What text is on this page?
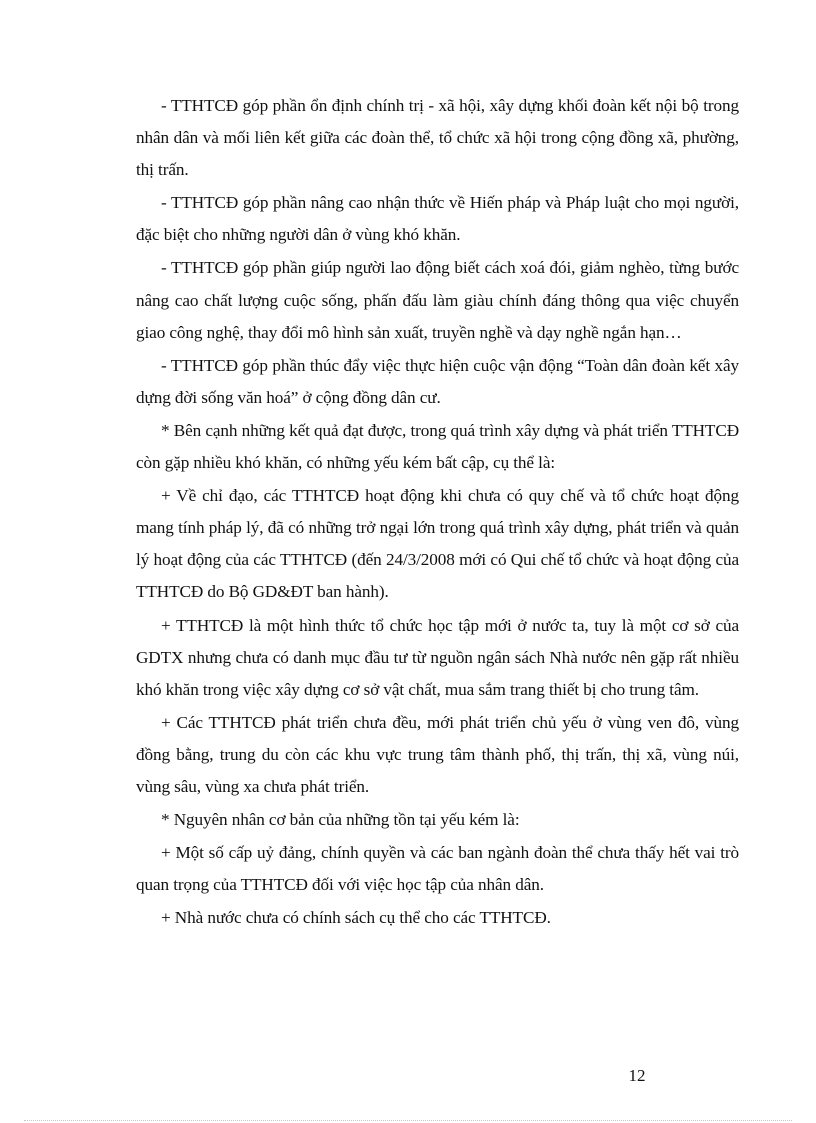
- TTHTCĐ góp phần ổn định chính trị - xã hội, xây dựng khối đoàn kết nội bộ trong nhân dân và mối liên kết giữa các đoàn thể, tổ chức xã hội trong cộng đồng xã, phường, thị trấn.

- TTHTCĐ góp phần nâng cao nhận thức về Hiến pháp và Pháp luật cho mọi người, đặc biệt cho những người dân ở vùng khó khăn.

- TTHTCĐ góp phần giúp người lao động biết cách xoá đói, giảm nghèo, từng bước nâng cao chất lượng cuộc sống, phấn đấu làm giàu chính đáng thông qua việc chuyển giao công nghệ, thay đổi mô hình sản xuất, truyền nghề và dạy nghề ngắn hạn…

- TTHTCĐ góp phần thúc đẩy việc thực hiện cuộc vận động “Toàn dân đoàn kết xây dựng đời sống văn hoá” ở cộng đồng dân cư.

* Bên cạnh những kết quả đạt được, trong quá trình xây dựng và phát triển TTHTCĐ còn gặp nhiều khó khăn, có những yếu kém bất cập, cụ thể là:

+ Về chỉ đạo, các TTHTCĐ hoạt động khi chưa có quy chế và tổ chức hoạt động mang tính pháp lý, đã có những trở ngại lớn trong quá trình xây dựng, phát triển và quản lý hoạt động của các TTHTCĐ (đến 24/3/2008 mới có Qui chế tổ chức và hoạt động của TTHTCĐ do Bộ GD&ĐT ban hành).

+ TTHTCĐ là một hình thức tổ chức học tập mới ở nước ta, tuy là một cơ sở của GDTX nhưng chưa có danh mục đầu tư từ nguồn ngân sách Nhà nước nên gặp rất nhiều khó khăn trong việc xây dựng cơ sở vật chất, mua sắm trang thiết bị cho trung tâm.

+ Các TTHTCĐ phát triển chưa đều, mới phát triển chủ yếu ở vùng ven đô, vùng đồng bằng, trung du còn các khu vực trung tâm thành phố, thị trấn, thị xã, vùng núi, vùng sâu, vùng xa chưa phát triển.

* Nguyên nhân cơ bản của những tồn tại yếu kém là:

+ Một số cấp uỷ đảng, chính quyền và các ban ngành đoàn thể chưa thấy hết vai trò quan trọng của TTHTCĐ đối với việc học tập của nhân dân.

+ Nhà nước chưa có chính sách cụ thể cho các TTHTCĐ.

12
